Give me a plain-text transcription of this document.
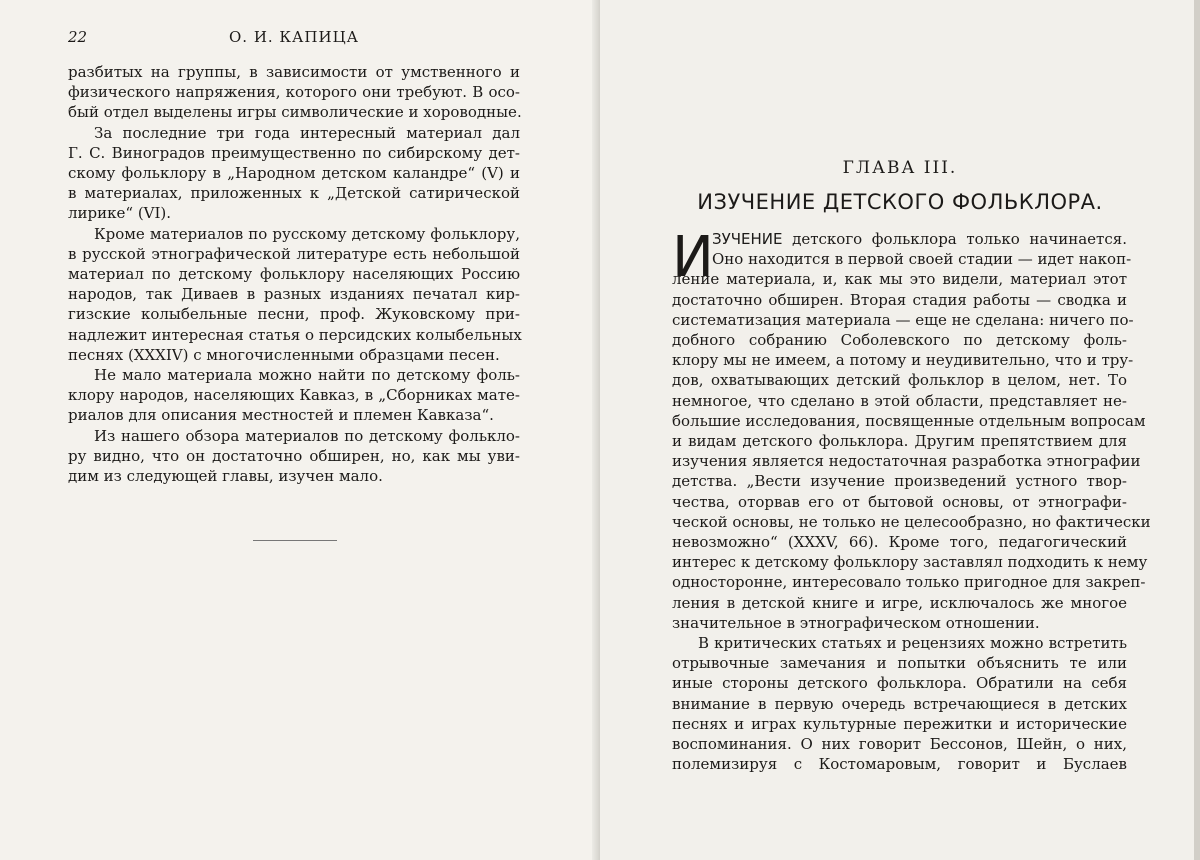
22	О. И. КАПИЦА
разбитых на группы, в зависимости от умственного и
физического напряжения, которого они требуют. В осо-
бый отдел выделены игры символические и хороводные.
За последние три года интересный материал дал
Г. С. Виноградов преимущественно по сибирскому дет-
скому фольклору в „Народном детском каландре“ (V) и
в материалах, приложенных к „Детской сатирической
лирике“ (VI).
Кроме материалов по русскому детскому фольклору,
в русской этнографической литературе есть небольшой
материал по детскому фольклору населяющих Россию
народов, так Диваев в разных изданиях печатал кир-
гизские колыбельные песни, проф. Жуковскому при-
надлежит интересная статья о персидских колыбельных
песнях (XXXIV) с многочисленными образцами песен.
Не мало материала можно найти по детскому фоль-
клору народов, населяющих Кавказ, в „Сборниках мате-
риалов для описания местностей и племен Кавказа“.
Из нашего обзора материалов по детскому фолькло-
ру видно, что он достаточно обширен, но, как мы уви-
дим из следующей главы, изучен мало.
ГЛАВА III.
ИЗУЧЕНИЕ ДЕТСКОГО ФОЛЬКЛОРА.
И
ЗУЧЕНИЕ детского фольклора только начинается.
Оно находится в первой своей стадии — идет накоп-
ление материала, и, как мы это видели, материал этот
достаточно обширен. Вторая стадия работы — сводка и
систематизация материала — еще не сделана: ничего по-
добного собранию Соболевского по детскому фоль-
клору мы не имеем, а потому и неудивительно, что и тру-
дов, охватывающих детский фольклор в целом, нет. То
немногое, что сделано в этой области, представляет не-
большие исследования, посвященные отдельным вопросам
и видам детского фольклора. Другим препятствием для
изучения является недостаточная разработка этнографии
детства. „Вести изучение произведений устного твор-
чества, оторвав его от бытовой основы, от этнографи-
ческой основы, не только не целесообразно, но фактически
невозможно“ (XXXV, 66). Кроме того, педагогический
интерес к детскому фольклору заставлял подходить к нему
односторонне, интересовало только пригодное для закреп-
ления в детской книге и игре, исключалось же многое
значительное в этнографическом отношении.
В критических статьях и рецензиях можно встретить
отрывочные замечания и попытки объяснить те или
иные стороны детского фольклора. Обратили на себя
внимание в первую очередь встречающиеся в детских
песнях и играх культурные пережитки и исторические
воспоминания. О них говорит Бессонов, Шейн, о них,
полемизируя с Костомаровым, говорит и Буслаев
